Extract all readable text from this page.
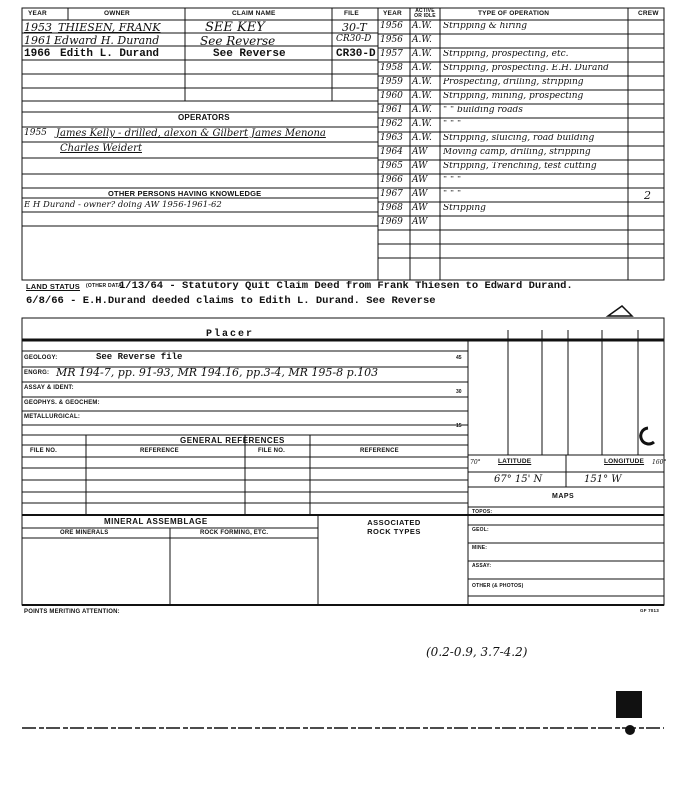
YEAR	OWNER	CLAIM NAME	FILE	YEAR	ACTIVE OR IDLE	TYPE OF OPERATION	CREW
1953 THIESEN, FRANK	SEE KEY	30-T
1961 Edward H. Durand	See Reverse	CR30-D
1966 Edith L. Durand	See Reverse	CR30-D
1956 A.W. Stripping & hiring
1956 A.W.
1957 A.W. Stripping, prospecting, etc.
1958 A.W. Stripping, prospecting. E.H. Durand
1959 A.W. Prospecting, drilling, stripping
1960 A.W. Stripping, mining, prospecting
1961 A.W. " " building roads
1962 A.W. " " "
1963 A.W. Stripping, sluicing, road building
1964 AW Moving camp, drilling, stripping
1965 AW Stripping, Trenching, test cutting
1966 AW " " "
1967 AW " " "	2
1968 AW Stripping
1969 AW
OPERATORS
1955 James Kelly - drilled, alexon & Gilbert James Menona
Charles Weidert
OTHER PERSONS HAVING KNOWLEDGE
E H Durand - owner? doing AW 1956-1961-62
LAND STATUS (OTHER DATA)
1/13/64 - Statutory Quit Claim Deed from Frank Thiesen to Edward Durand.
6/8/66 - E.H.Durand deeded claims to Edith L. Durand. See Reverse
Placer
GEOLOGY:	See Reverse file
ENGRG: MR 194-7, pp. 91-93, MR 194.16, pp.3-4, MR 195-8 p.103
ASSAY & IDENT:
GEOPHYS. & GEOCHEM:
METALLURGICAL:
45
30
15
GENERAL REFERENCES
FILE NO.	REFERENCE	FILE NO.	REFERENCE
70°	LATITUDE	LONGITUDE 160°
67° 15' N	151° W
MAPS
TOPOS:
GEOL:
MINE:
ASSAY:
OTHER (& PHOTOS)
MINERAL ASSEMBLAGE
ORE MINERALS	ROCK FORMING, ETC.
ASSOCIATED ROCK TYPES
POINTS MERITING ATTENTION:	GF 7013
(0.2-0.9, 3.7-4.2)
